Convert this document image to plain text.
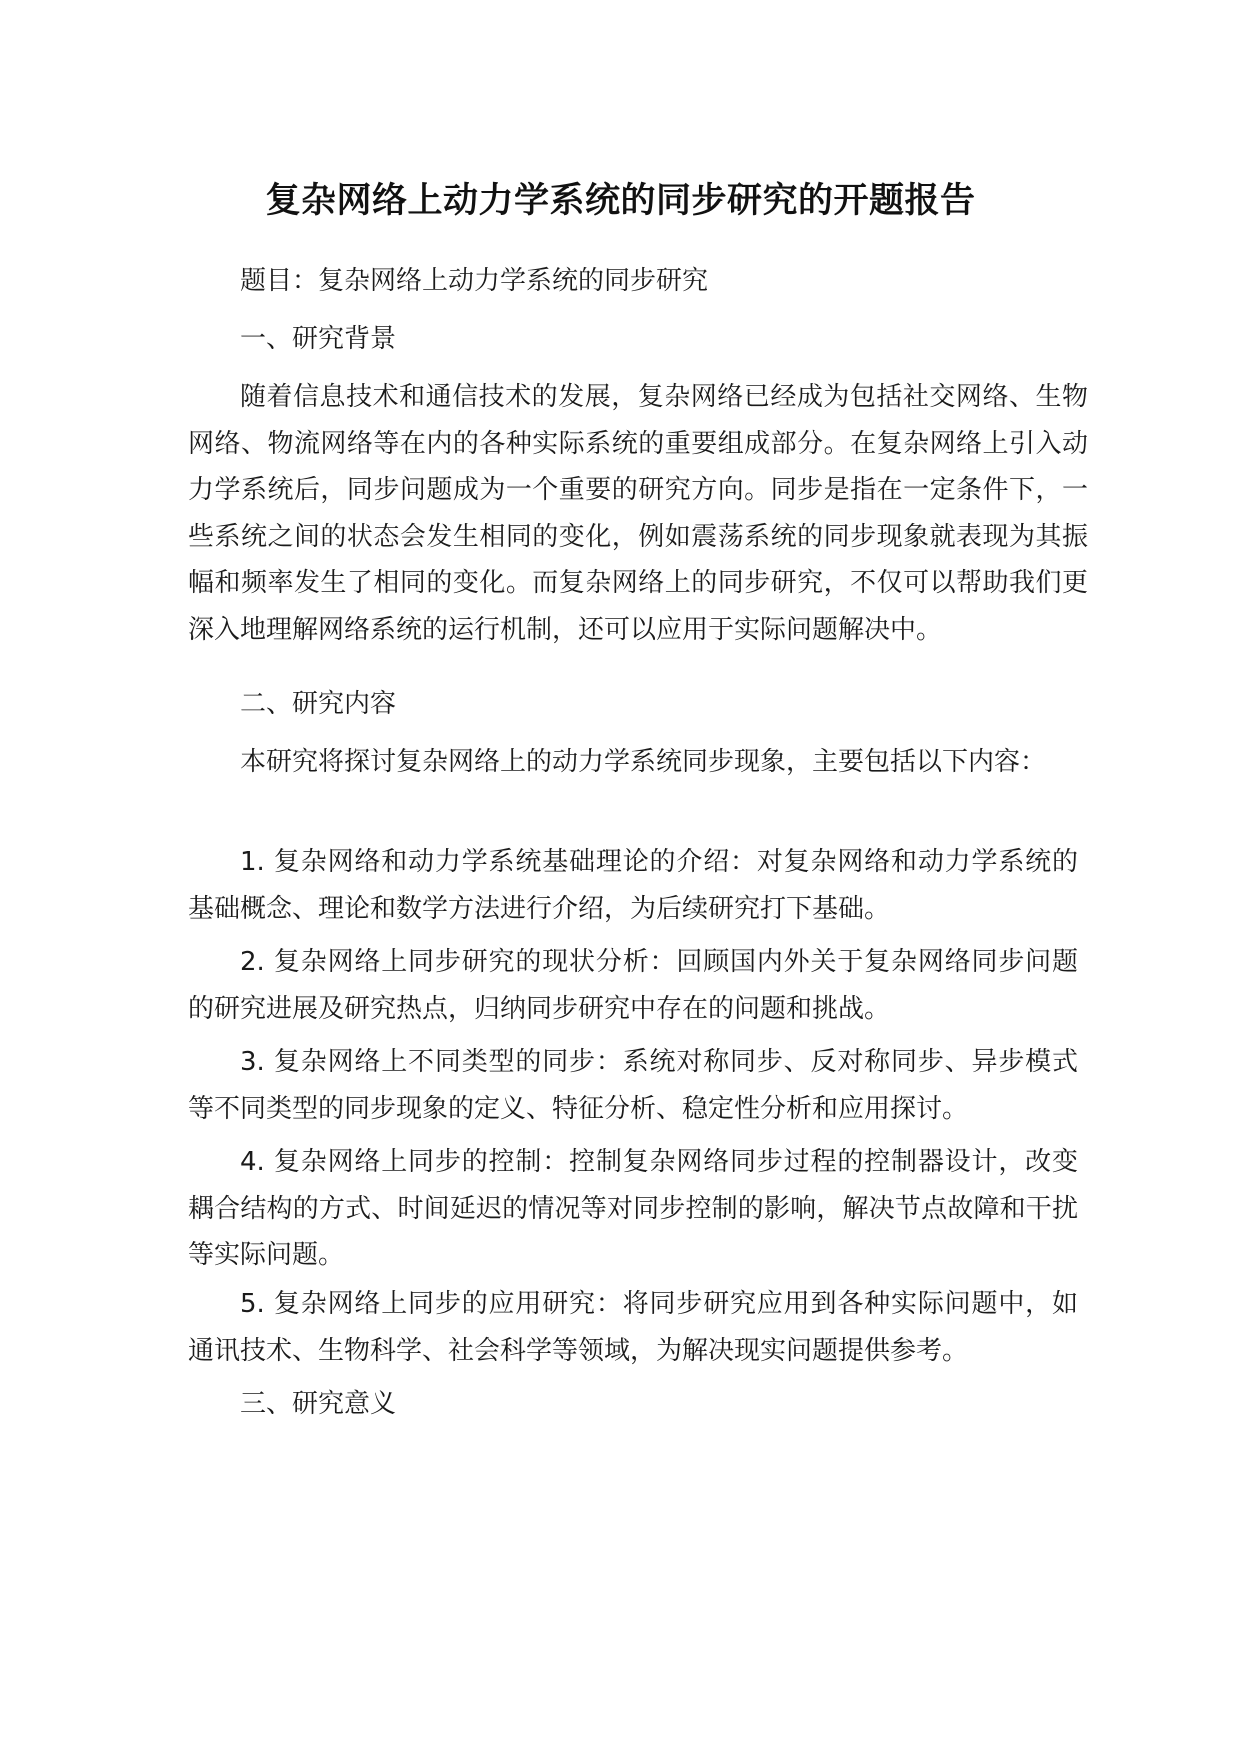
复杂网络上动力学系统的同步研究的开题报告

题目：复杂网络上动力学系统的同步研究

一、研究背景

随着信息技术和通信技术的发展，复杂网络已经成为包括社交网络、生物网络、物流网络等在内的各种实际系统的重要组成部分。在复杂网络上引入动力学系统后，同步问题成为一个重要的研究方向。同步是指在一定条件下，一些系统之间的状态会发生相同的变化，例如震荡系统的同步现象就表现为其振幅和频率发生了相同的变化。而复杂网络上的同步研究，不仅可以帮助我们更深入地理解网络系统的运行机制，还可以应用于实际问题解决中。

二、研究内容

本研究将探讨复杂网络上的动力学系统同步现象，主要包括以下内容：

1. 复杂网络和动力学系统基础理论的介绍：对复杂网络和动力学系统的基础概念、理论和数学方法进行介绍，为后续研究打下基础。

2. 复杂网络上同步研究的现状分析：回顾国内外关于复杂网络同步问题的研究进展及研究热点，归纳同步研究中存在的问题和挑战。

3. 复杂网络上不同类型的同步：系统对称同步、反对称同步、异步模式等不同类型的同步现象的定义、特征分析、稳定性分析和应用探讨。

4. 复杂网络上同步的控制：控制复杂网络同步过程的控制器设计，改变耦合结构的方式、时间延迟的情况等对同步控制的影响，解决节点故障和干扰等实际问题。

5. 复杂网络上同步的应用研究：将同步研究应用到各种实际问题中，如通讯技术、生物科学、社会科学等领域，为解决现实问题提供参考。

三、研究意义
